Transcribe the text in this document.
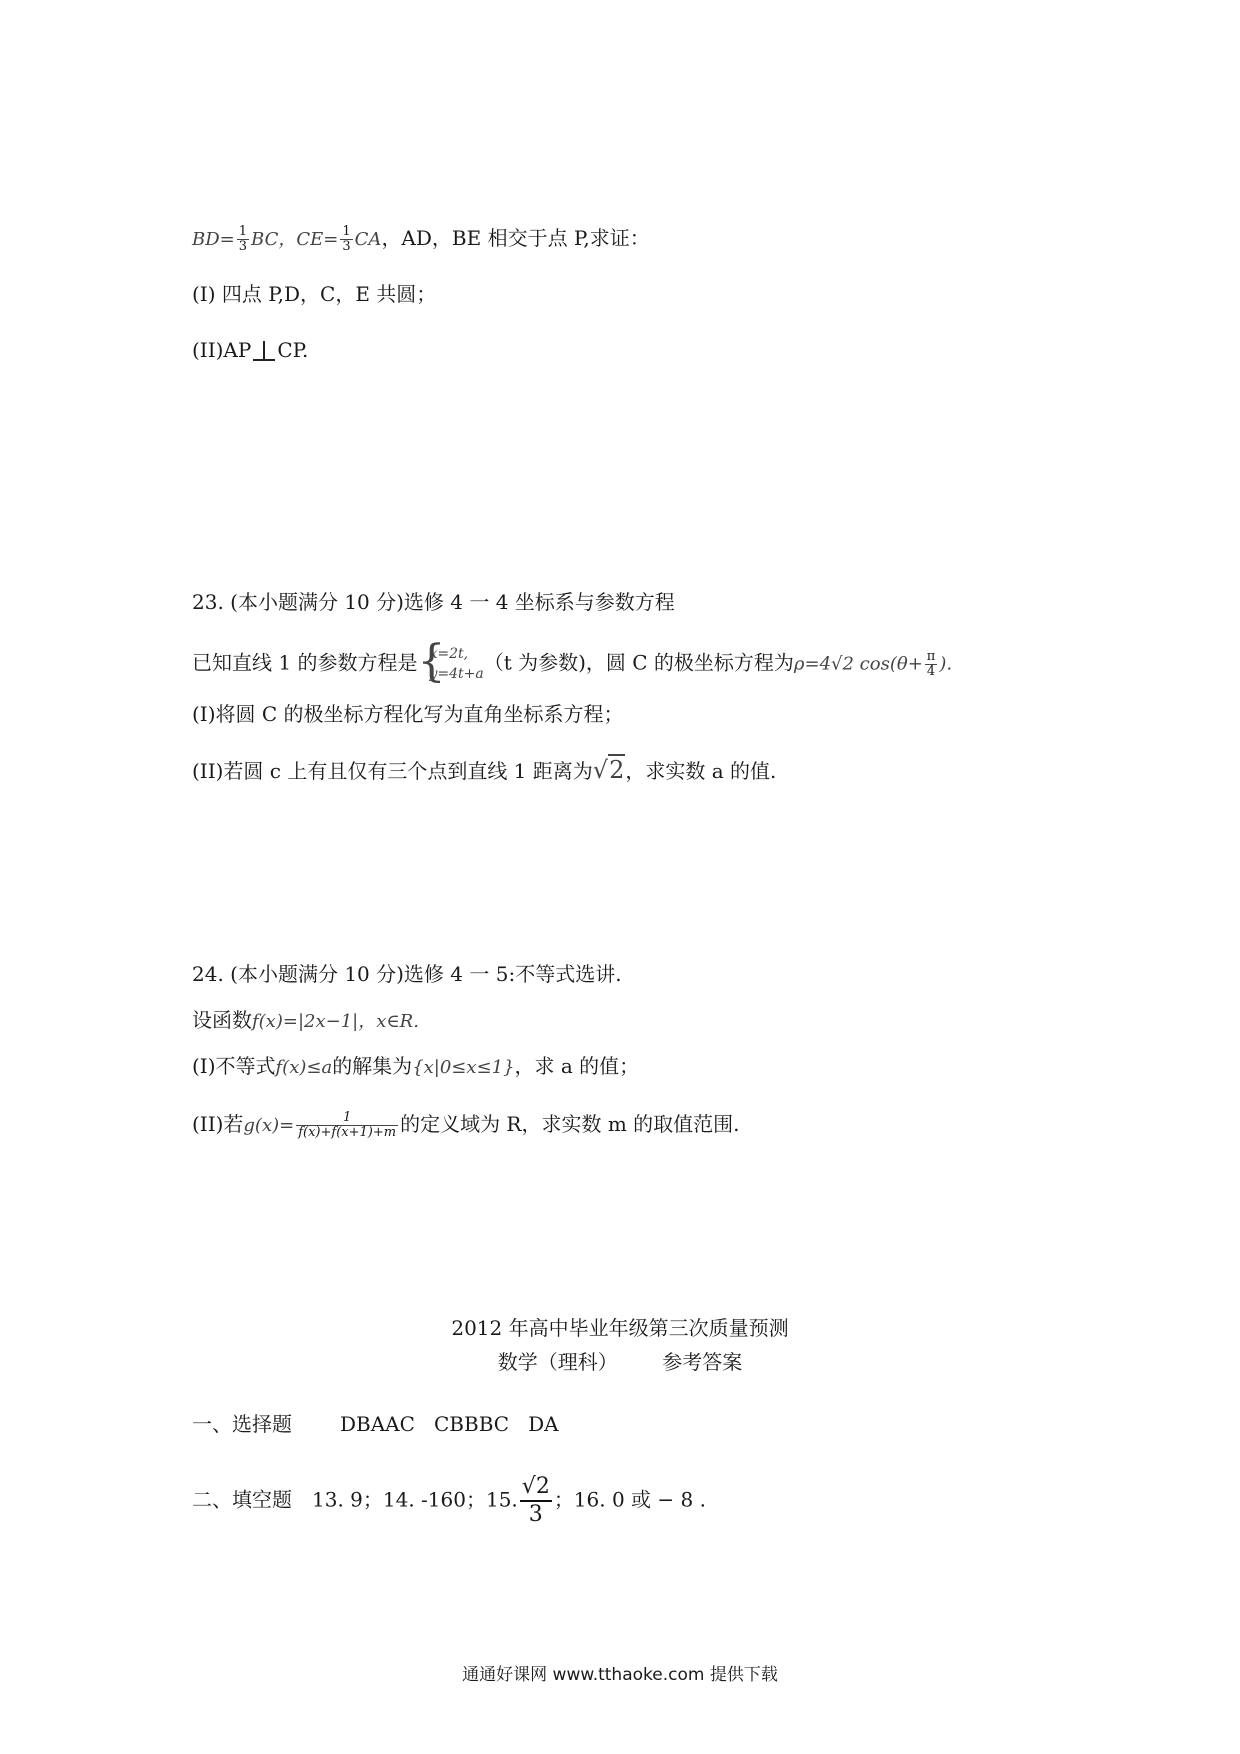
$BD= \frac{1}{3}$ BC，$CE= \frac{1}{3}$ CA，AD，BE 相交于点 P,求证：
(Ⅰ) 四点 P,D，C，E 共圆；
(II)AP CP.
23. (本小题满分 10 分)选修 4 一 4 坐标系与参数方程
已知直线 1 的参数方程是
{ x=2t,
y=4t+a （t 为参数)，圆 C 的极坐标方程为ρ=4√2 $\cos(\theta+ \frac{\pi}{4}$ ).
(I)将圆 C 的极坐标方程化写为直角坐标系方程；
(II)若圆 c 上有且仅有三个点到直线 1 距离为√2，求实数 a 的值.
24. (本小题满分 10 分)选修 4 一 5:不等式选讲.
设函数f(x)=|2x−1|，x∈R.
(I)不等式f(x)≤a的解集为{x|0≤x≤1}，求 a 的值；
(II)若$g(x)= \frac{1}{f(x)+f(x+1)+m}$ 的定义域为 R，求实数 m 的取值范围.
2012 年高中毕业年级第三次质量预测
数学（理科）       参考答案
一、选择题 DBAAC   CBBBC   DA
二、填空题 13. 9；14. -160；15. $\frac{√2}{3}$ ；16. 0 或 − 8 .
通通好课网 www.tthaoke.com 提供下载
